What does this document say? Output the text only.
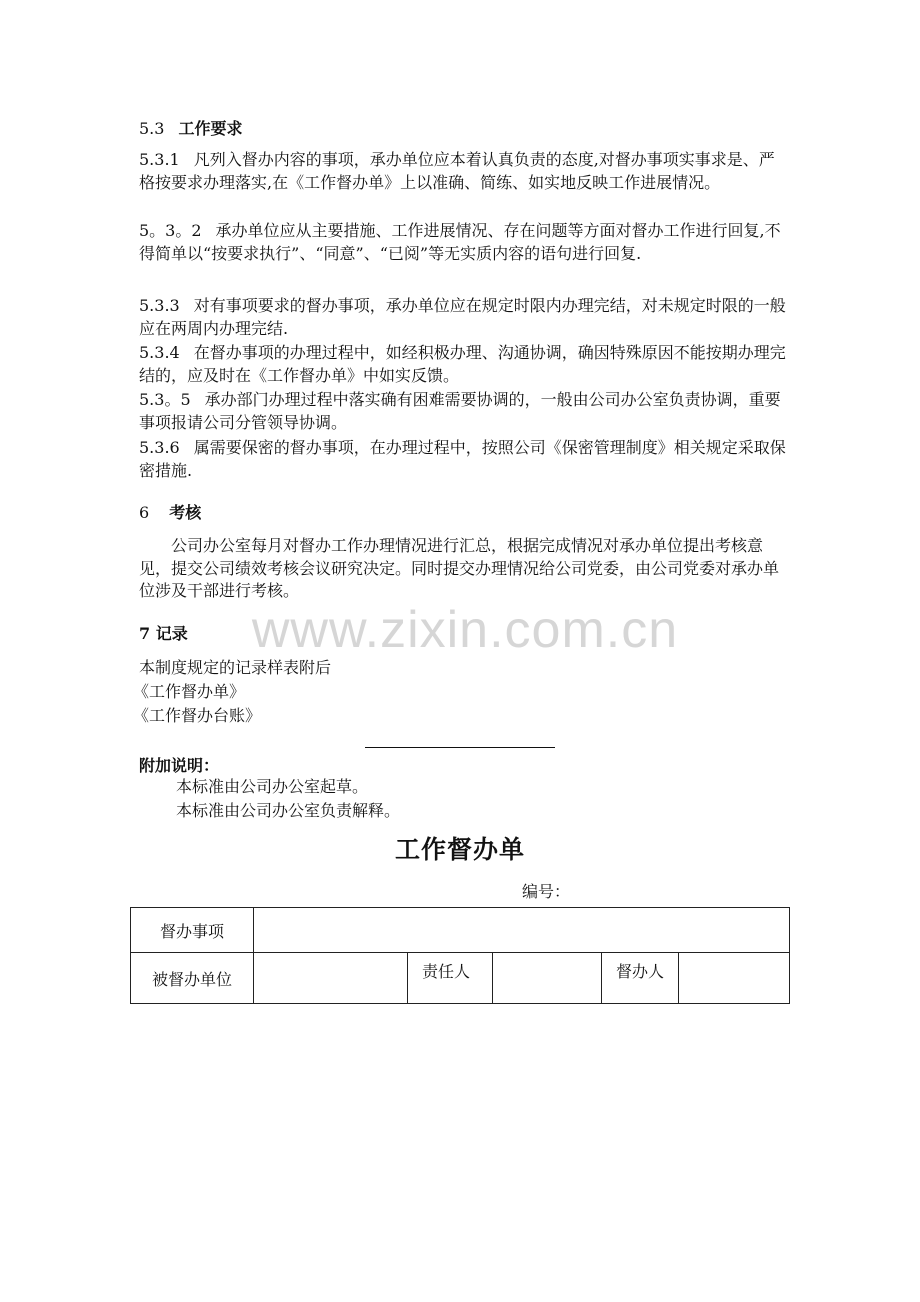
5.3 工作要求
5.3.1 凡列入督办内容的事项，承办单位应本着认真负责的态度,对督办事项实事求是、严格按要求办理落实,在《工作督办单》上以准确、简练、如实地反映工作进展情况。
5。3。2 承办单位应从主要措施、工作进展情况、存在问题等方面对督办工作进行回复,不得简单以“按要求执行”、“同意”、“已阅”等无实质内容的语句进行回复.
5.3.3 对有事项要求的督办事项，承办单位应在规定时限内办理完结，对未规定时限的一般应在两周内办理完结.
5.3.4 在督办事项的办理过程中，如经积极办理、沟通协调，确因特殊原因不能按期办理完结的，应及时在《工作督办单》中如实反馈。
5.3。5 承办部门办理过程中落实确有困难需要协调的，一般由公司办公室负责协调，重要事项报请公司分管领导协调。
5.3.6 属需要保密的督办事项，在办理过程中，按照公司《保密管理制度》相关规定采取保密措施.
6 考核
公司办公室每月对督办工作办理情况进行汇总，根据完成情况对承办单位提出考核意见，提交公司绩效考核会议研究决定。同时提交办理情况给公司党委，由公司党委对承办单位涉及干部进行考核。
www.zixin.com.cn
7 记录
本制度规定的记录样表附后
《工作督办单》
《工作督办台账》
附加说明：
本标准由公司办公室起草。
本标准由公司办公室负责解释。
工作督办单
编号：
督办事项					
被督办单位		责任人		督办人	
